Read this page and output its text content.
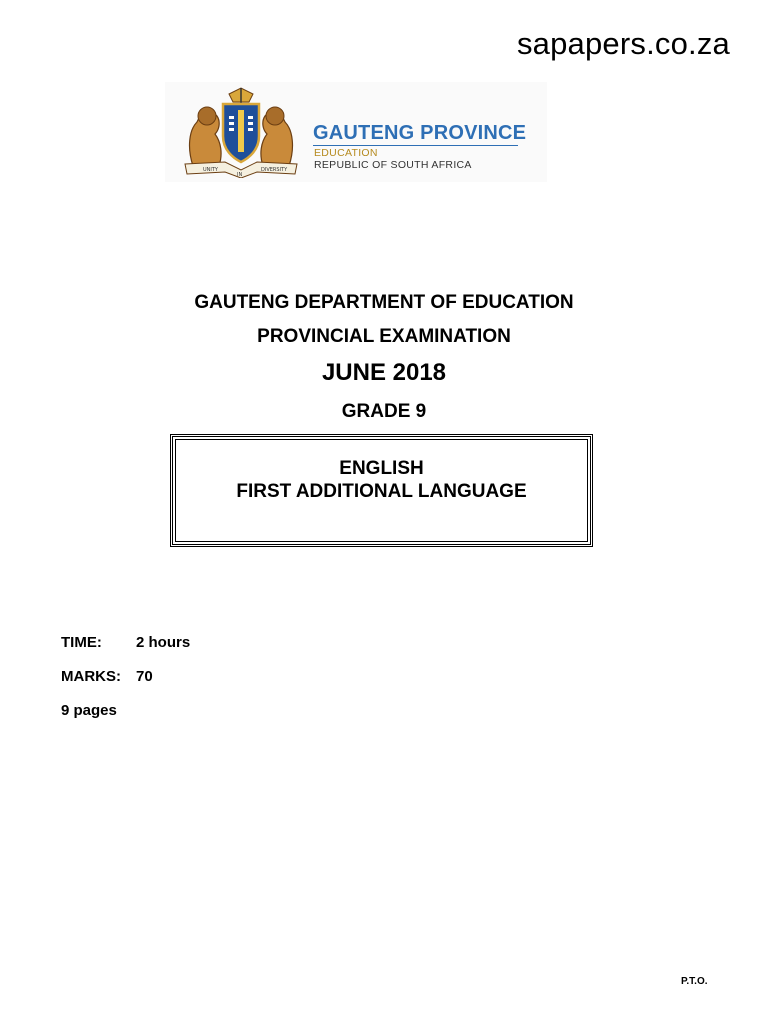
sapapers.co.za
UNITY
IN
DIVERSITY
GAUTENG PROVINCE
EDUCATION
REPUBLIC OF SOUTH AFRICA
GAUTENG DEPARTMENT OF EDUCATION
PROVINCIAL EXAMINATION
JUNE 2018
GRADE 9
ENGLISH
FIRST ADDITIONAL LANGUAGE
TIME: 2 hours
MARKS: 70
9 pages
P.T.O.
